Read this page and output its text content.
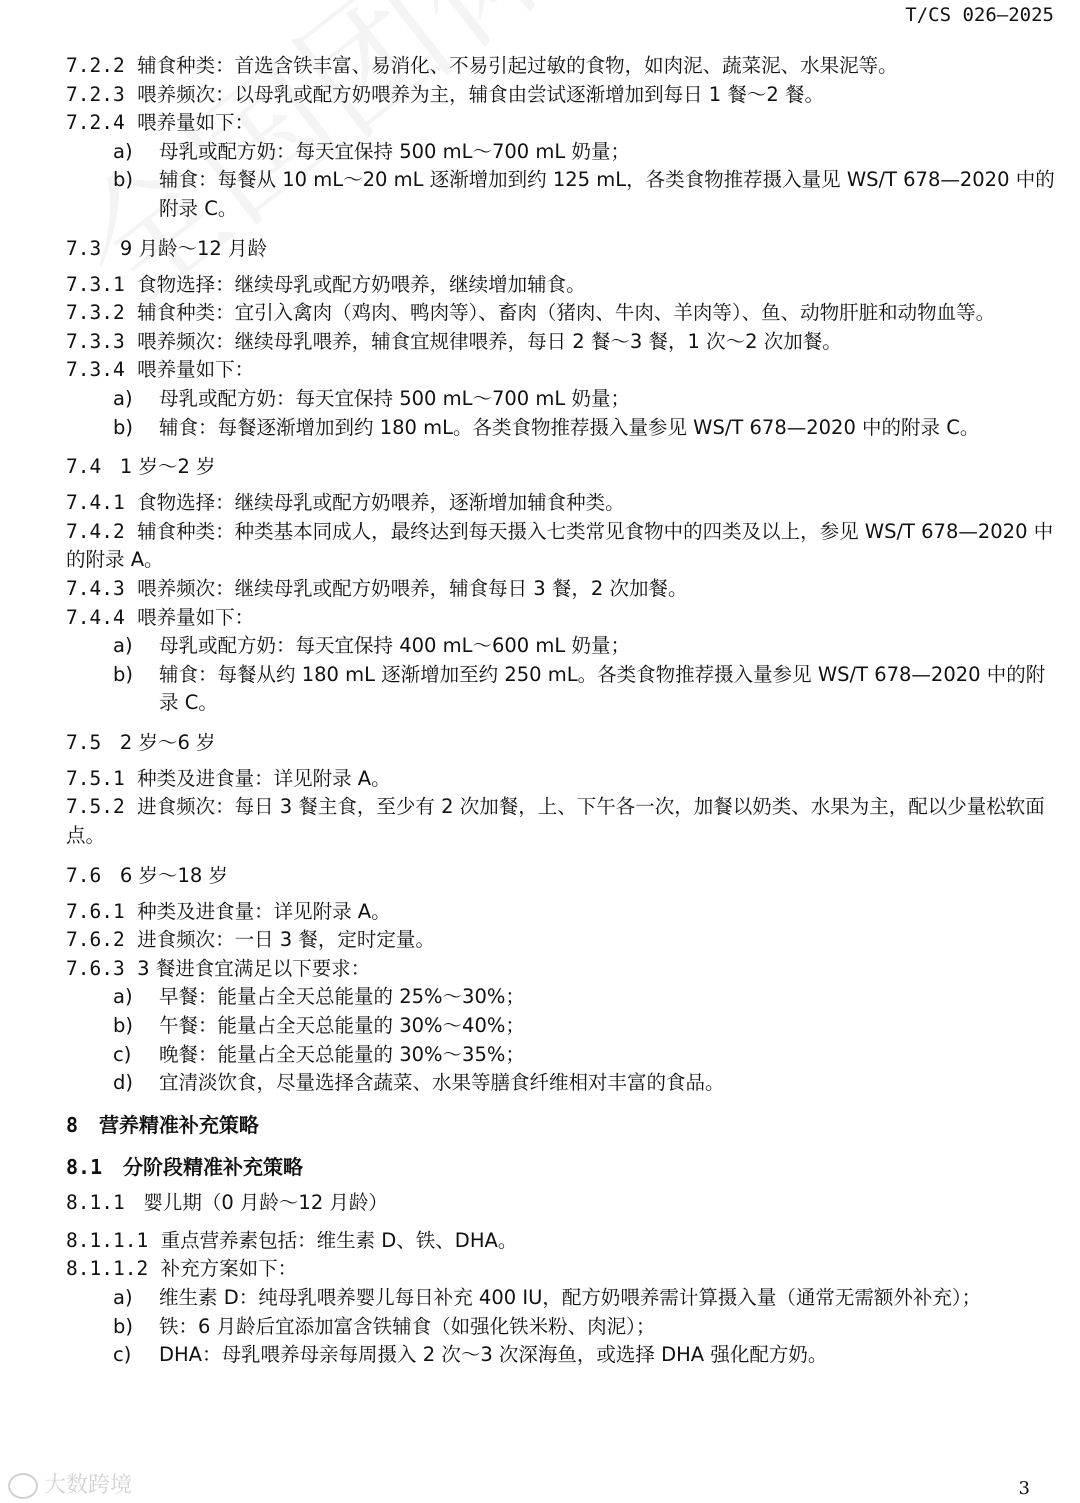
T/CS 026—2025
7.2.2 辅食种类：首选含铁丰富、易消化、不易引起过敏的食物，如肉泥、蔬菜泥、水果泥等。
7.2.3 喂养频次：以母乳或配方奶喂养为主，辅食由尝试逐渐增加到每日 1 餐～2 餐。
7.2.4 喂养量如下：
a)	母乳或配方奶：每天宜保持 500 mL～700 mL 奶量；
b)	辅食：每餐从 10 mL～20 mL 逐渐增加到约 125 mL，各类食物推荐摄入量见 WS/T 678—2020 中的附录 C。
7.3 9 月龄～12 月龄
7.3.1 食物选择：继续母乳或配方奶喂养，继续增加辅食。
7.3.2 辅食种类：宜引入禽肉（鸡肉、鸭肉等）、畜肉（猪肉、牛肉、羊肉等）、鱼、动物肝脏和动物血等。
7.3.3 喂养频次：继续母乳喂养，辅食宜规律喂养，每日 2 餐～3 餐，1 次～2 次加餐。
7.3.4 喂养量如下：
a)	母乳或配方奶：每天宜保持 500 mL～700 mL 奶量；
b)	辅食：每餐逐渐增加到约 180 mL。各类食物推荐摄入量参见 WS/T 678—2020 中的附录 C。
7.4 1 岁～2 岁
7.4.1 食物选择：继续母乳或配方奶喂养，逐渐增加辅食种类。
7.4.2 辅食种类：种类基本同成人，最终达到每天摄入七类常见食物中的四类及以上，参见 WS/T 678—2020 中的附录 A。
7.4.3 喂养频次：继续母乳或配方奶喂养，辅食每日 3 餐，2 次加餐。
7.4.4 喂养量如下：
a)	母乳或配方奶：每天宜保持 400 mL～600 mL 奶量；
b)	辅食：每餐从约 180 mL 逐渐增加至约 250 mL。各类食物推荐摄入量参见 WS/T 678—2020 中的附录 C。
7.5 2 岁～6 岁
7.5.1 种类及进食量：详见附录 A。
7.5.2 进食频次：每日 3 餐主食，至少有 2 次加餐，上、下午各一次，加餐以奶类、水果为主，配以少量松软面点。
7.6 6 岁～18 岁
7.6.1 种类及进食量：详见附录 A。
7.6.2 进食频次：一日 3 餐，定时定量。
7.6.3 3 餐进食宜满足以下要求：
a)	早餐：能量占全天总能量的 25%～30%；
b)	午餐：能量占全天总能量的 30%～40%；
c)	晚餐：能量占全天总能量的 30%～35%；
d)	宜清淡饮食，尽量选择含蔬菜、水果等膳食纤维相对丰富的食品。
8 营养精准补充策略
8.1 分阶段精准补充策略
8.1.1 婴儿期（0 月龄～12 月龄）
8.1.1.1 重点营养素包括：维生素 D、铁、DHA。
8.1.1.2 补充方案如下：
a)	维生素 D：纯母乳喂养婴儿每日补充 400 IU，配方奶喂养需计算摄入量（通常无需额外补充）；
b)	铁：6 月龄后宜添加富含铁辅食（如强化铁米粉、肉泥）；
c)	DHA：母乳喂养母亲每周摄入 2 次～3 次深海鱼，或选择 DHA 强化配方奶。
大数跨境	3
